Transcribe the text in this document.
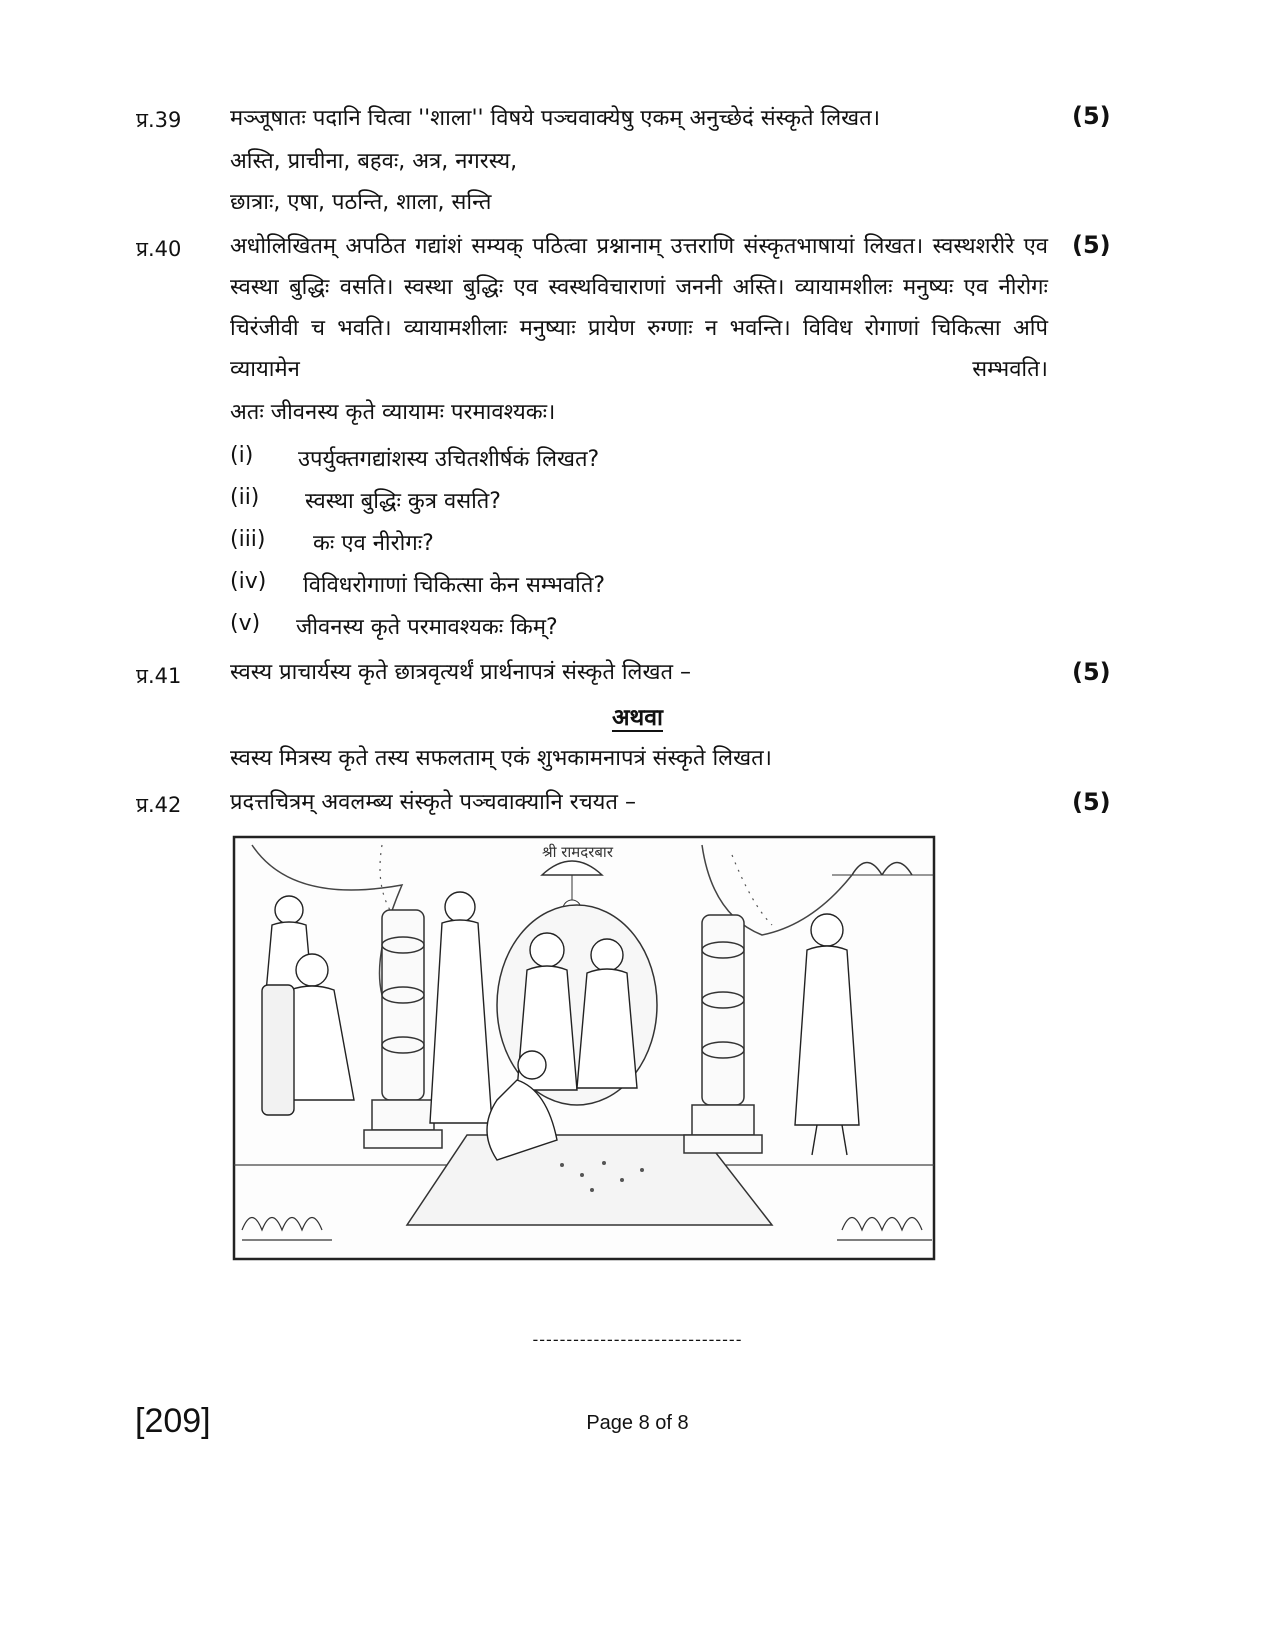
प्र.39 मञ्जूषातः पदानि चित्वा ''शाला'' विषये पञ्चवाक्येषु एकम् अनुच्छेदं संस्कृते लिखत।	(5)
अस्ति, प्राचीना, बहवः, अत्र, नगरस्य,
छात्राः, एषा, पठन्ति, शाला, सन्ति
प्र.40	(5)
अधोलिखितम् अपठित गद्यांशं सम्यक् पठित्वा प्रश्नानाम् उत्तराणि संस्कृतभाषायां लिखत। स्वस्थशरीरे एव स्वस्था बुद्धिः वसति। स्वस्था बुद्धिः एव स्वस्थविचाराणां जननी अस्ति। व्यायामशीलः मनुष्यः एव नीरोगः चिरंजीवी च भवति। व्यायामशीलाः मनुष्याः प्रायेण रुग्णाः न भवन्ति। विविध रोगाणां चिकित्सा अपि व्यायामेन सम्भवति।
अतः जीवनस्य कृते व्यायामः परमावश्यकः।
(i) उपर्युक्तगद्यांशस्य उचितशीर्षकं लिखत?
(ii) स्वस्था बुद्धिः कुत्र वसति?
(iii) कः एव नीरोगः?
(iv) विविधरोगाणां चिकित्सा केन सम्भवति?
(v) जीवनस्य कृते परमावश्यकः किम्?
प्र.41 स्वस्य प्राचार्यस्य कृते छात्रवृत्यर्थं प्रार्थनापत्रं संस्कृते लिखत –	(5)
अथवा
स्वस्य मित्रस्य कृते तस्य सफलताम् एकं शुभकामनापत्रं संस्कृते लिखत।
प्र.42 प्रदत्तचित्रम् अवलम्ब्य संस्कृते पञ्चवाक्यानि रचयत –	(5)
श्री रामदरबार
-------------------------------
[209]	Page 8 of 8
